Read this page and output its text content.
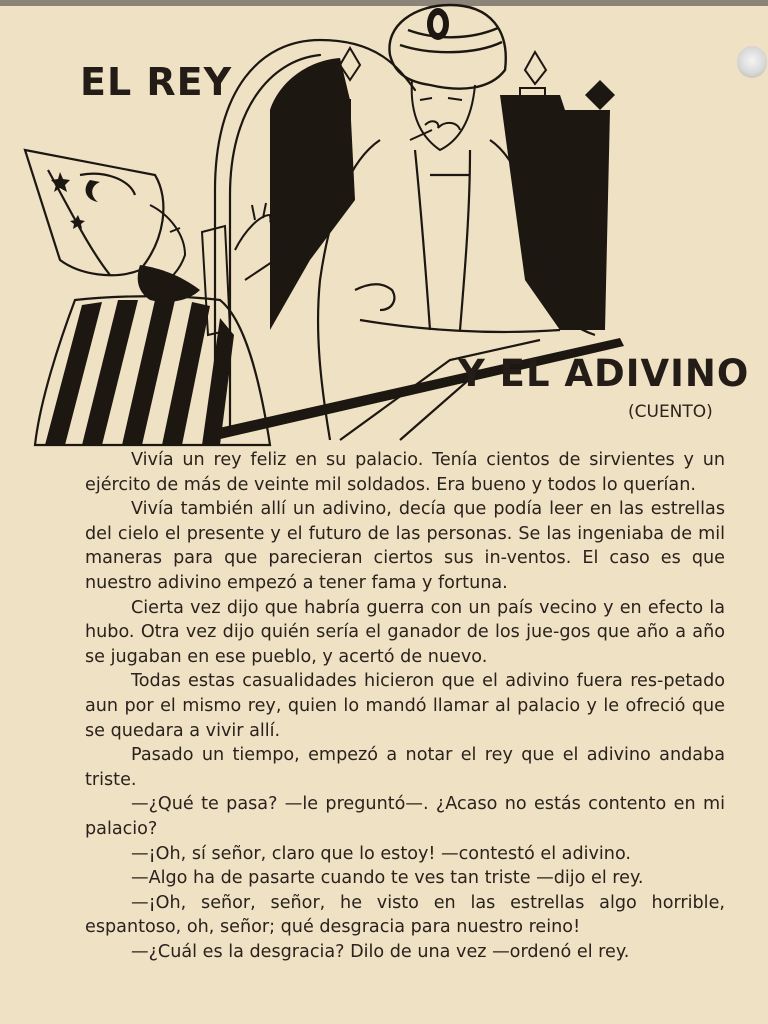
EL REY
Y EL ADIVINO
(CUENTO)

Vivía un rey feliz en su palacio. Tenía cientos de sirvientes y un ejército de más de veinte mil soldados. Era bueno y todos lo querían.

Vivía también allí un adivino, decía que podía leer en las estrellas del cielo el presente y el futuro de las personas. Se las ingeniaba de mil maneras para que parecieran ciertos sus in-ventos. El caso es que nuestro adivino empezó a tener fama y fortuna.

Cierta vez dijo que habría guerra con un país vecino y en efecto la hubo. Otra vez dijo quién sería el ganador de los jue-gos que año a año se jugaban en ese pueblo, y acertó de nuevo.

Todas estas casualidades hicieron que el adivino fuera res-petado aun por el mismo rey, quien lo mandó llamar al palacio y le ofreció que se quedara a vivir allí.

Pasado un tiempo, empezó a notar el rey que el adivino andaba triste.

—¿Qué te pasa? —le preguntó—. ¿Acaso no estás contento en mi palacio?

—¡Oh, sí señor, claro que lo estoy! —contestó el adivino.

—Algo ha de pasarte cuando te ves tan triste —dijo el rey.

—¡Oh, señor, señor, he visto en las estrellas algo horrible, espantoso, oh, señor; qué desgracia para nuestro reino!

—¿Cuál es la desgracia? Dilo de una vez —ordenó el rey.
